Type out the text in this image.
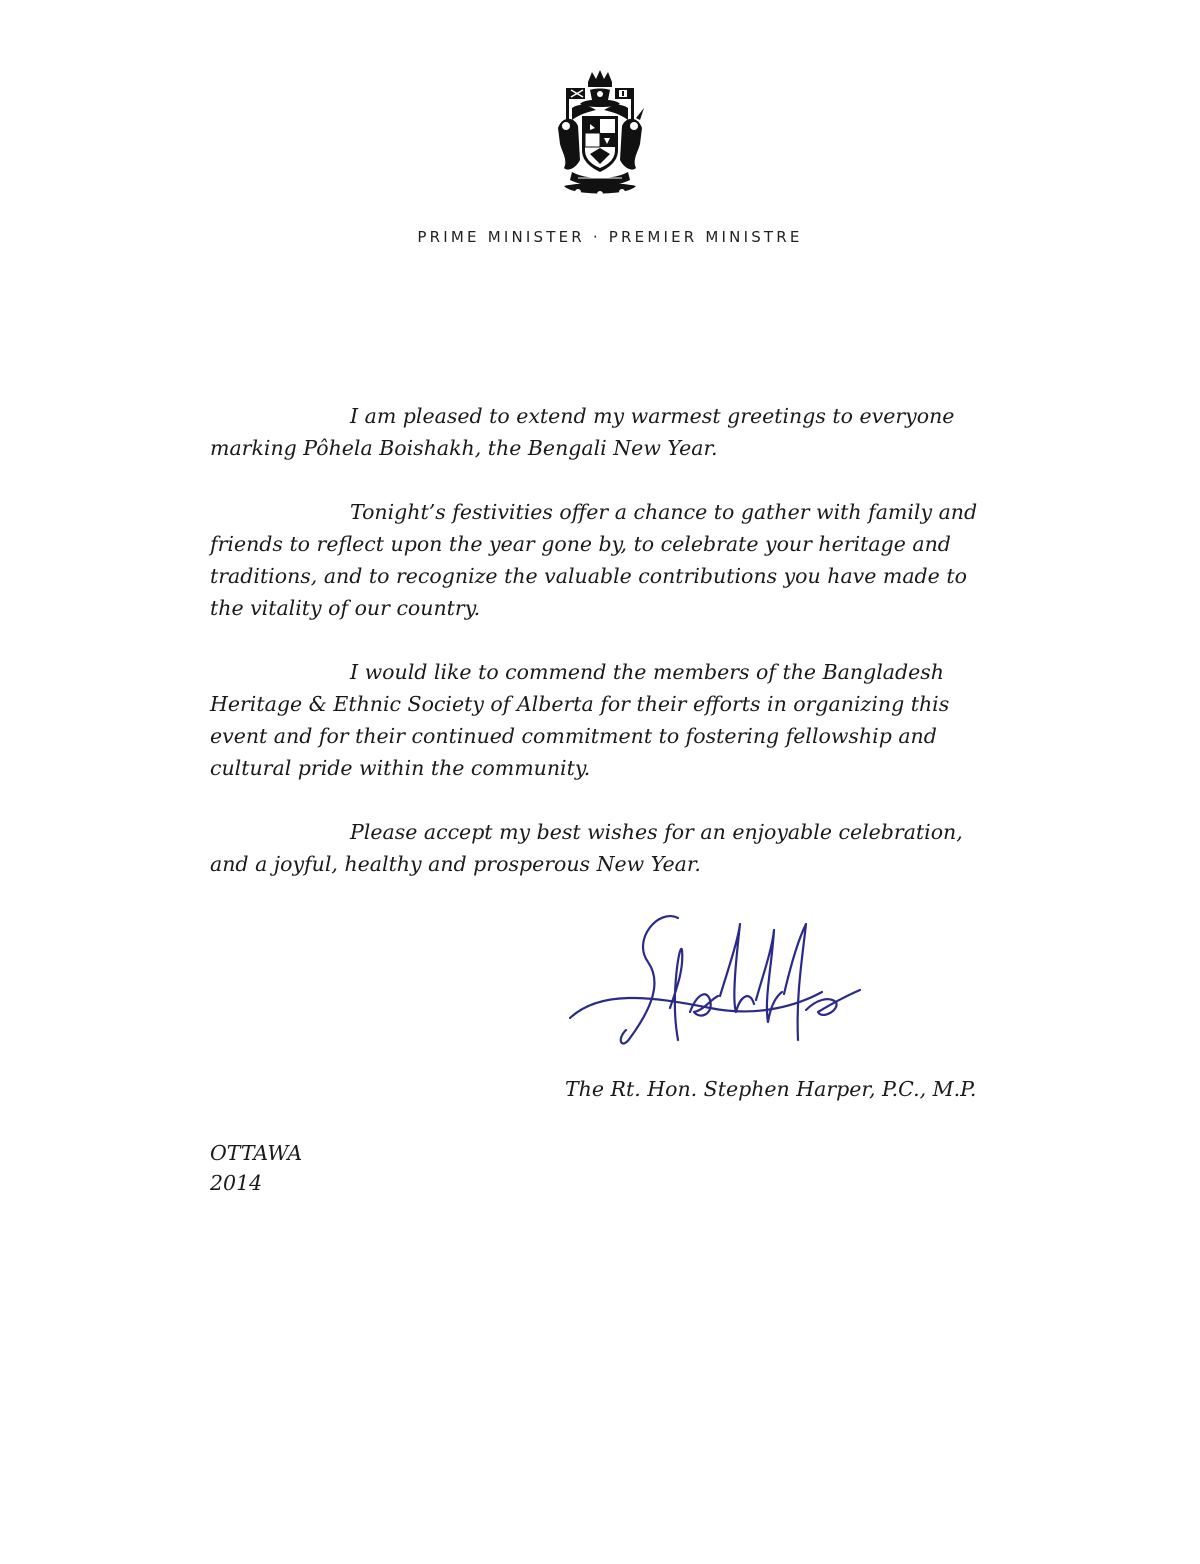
PRIME MINISTER · PREMIER MINISTRE

I am pleased to extend my warmest greetings to everyone marking Pôhela Boishakh, the Bengali New Year.

Tonight’s festivities offer a chance to gather with family and friends to reflect upon the year gone by, to celebrate your heritage and traditions, and to recognize the valuable contributions you have made to the vitality of our country.

I would like to commend the members of the Bangladesh Heritage & Ethnic Society of Alberta for their efforts in organizing this event and for their continued commitment to fostering fellowship and cultural pride within the community.

Please accept my best wishes for an enjoyable celebration, and a joyful, healthy and prosperous New Year.

The Rt. Hon. Stephen Harper, P.C., M.P.
OTTAWA
2014
